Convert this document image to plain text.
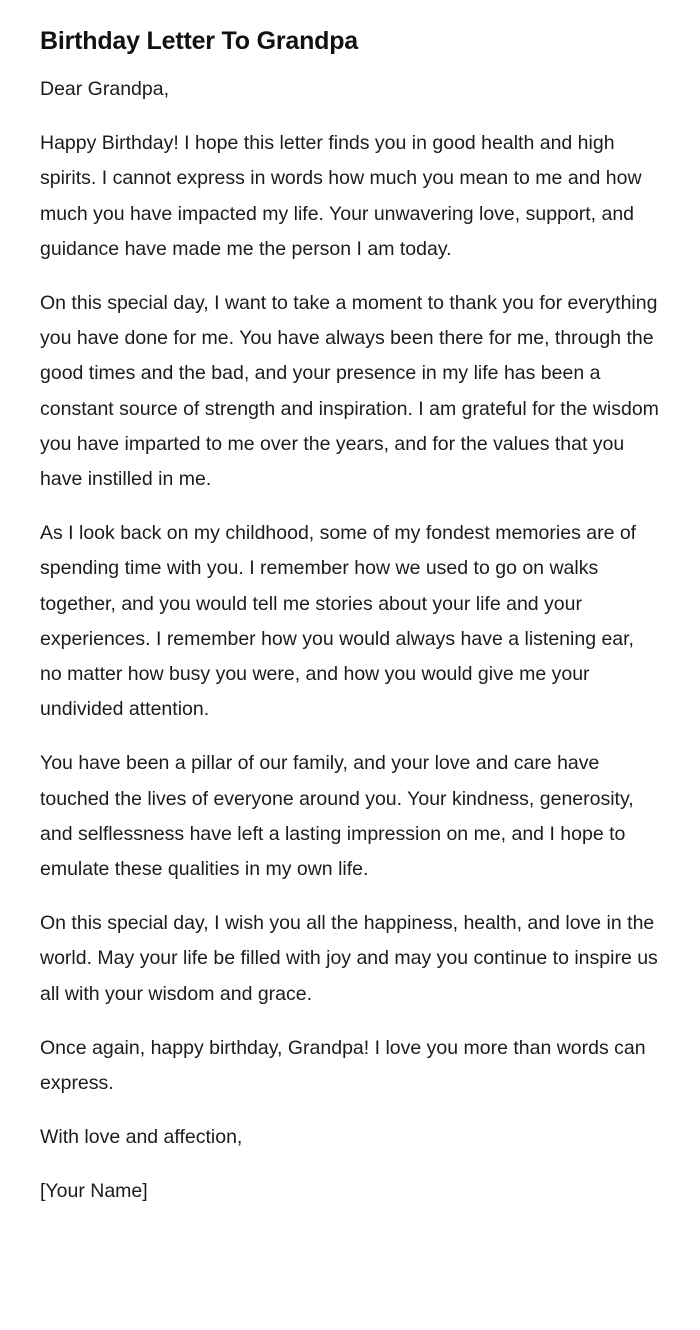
Birthday Letter To Grandpa

Dear Grandpa,

Happy Birthday! I hope this letter finds you in good health and high spirits. I cannot express in words how much you mean to me and how much you have impacted my life. Your unwavering love, support, and guidance have made me the person I am today.

On this special day, I want to take a moment to thank you for everything you have done for me. You have always been there for me, through the good times and the bad, and your presence in my life has been a constant source of strength and inspiration. I am grateful for the wisdom you have imparted to me over the years, and for the values that you have instilled in me.

As I look back on my childhood, some of my fondest memories are of spending time with you. I remember how we used to go on walks together, and you would tell me stories about your life and your experiences. I remember how you would always have a listening ear, no matter how busy you were, and how you would give me your undivided attention.

You have been a pillar of our family, and your love and care have touched the lives of everyone around you. Your kindness, generosity, and selflessness have left a lasting impression on me, and I hope to emulate these qualities in my own life.

On this special day, I wish you all the happiness, health, and love in the world. May your life be filled with joy and may you continue to inspire us all with your wisdom and grace.

Once again, happy birthday, Grandpa! I love you more than words can express.

With love and affection,

[Your Name]
